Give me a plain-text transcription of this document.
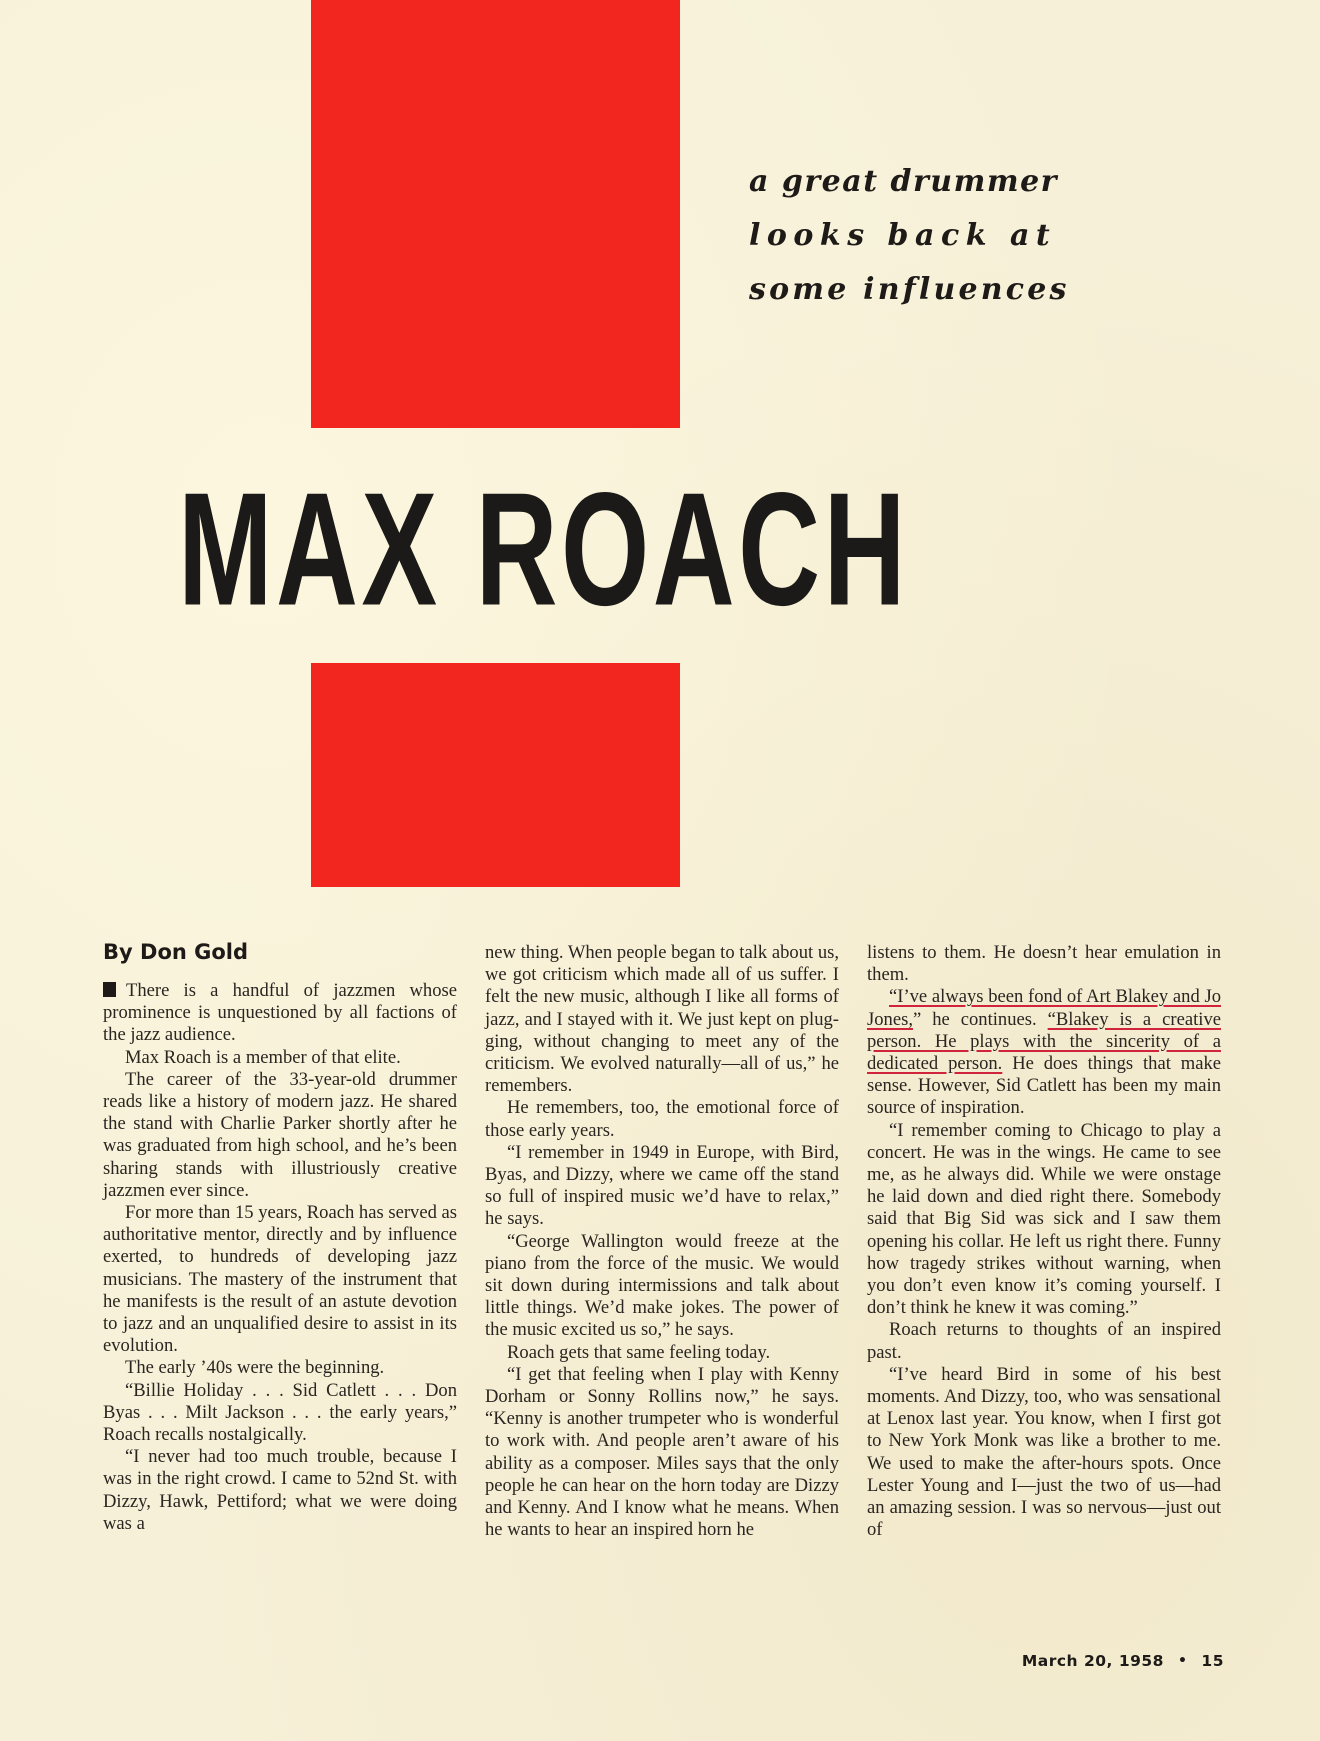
a great drummer
looks back at
some influences
MAX ROACH
By Don Gold

There is a handful of jazzmen whose prominence is unquestioned by all factions of the jazz audience.

Max Roach is a member of that elite.

The career of the 33-year-old drummer reads like a history of modern jazz. He shared the stand with Charlie Parker shortly after he was graduated from high school, and he’s been sharing stands with illustriously creative jazzmen ever since.

For more than 15 years, Roach has served as authoritative mentor, directly and by influence exerted, to hundreds of developing jazz musicians. The mastery of the instrument that he manifests is the result of an astute devotion to jazz and an unqualified desire to assist in its evolution.

The early ’40s were the beginning.

“Billie Holiday . . . Sid Catlett . . . Don Byas . . . Milt Jackson . . . the early years,” Roach recalls nostalgically.

“I never had too much trouble, because I was in the right crowd. I came to 52nd St. with Dizzy, Hawk, Pettiford; what we were doing was a

new thing. When people began to talk about us, we got criticism which made all of us suffer. I felt the new music, although I like all forms of jazz, and I stayed with it. We just kept on plugging, without changing to meet any of the criticism. We evolved naturally—all of us,” he remembers.

He remembers, too, the emotional force of those early years.

“I remember in 1949 in Europe, with Bird, Byas, and Dizzy, where we came off the stand so full of inspired music we’d have to relax,” he says.

“George Wallington would freeze at the piano from the force of the music. We would sit down during intermissions and talk about little things. We’d make jokes. The power of the music excited us so,” he says.

Roach gets that same feeling today.

“I get that feeling when I play with Kenny Dorham or Sonny Rollins now,” he says. “Kenny is another trumpeter who is wonderful to work with. And people aren’t aware of his ability as a composer. Miles says that the only people he can hear on the horn today are Dizzy and Kenny. And I know what he means. When he wants to hear an inspired horn he

listens to them. He doesn’t hear emulation in them.

“I’ve always been fond of Art Blakey and Jo Jones,” he continues. “Blakey is a creative person. He plays with the sincerity of a dedicated person. He does things that make sense. However, Sid Catlett has been my main source of inspiration.

“I remember coming to Chicago to play a concert. He was in the wings. He came to see me, as he always did. While we were onstage he laid down and died right there. Somebody said that Big Sid was sick and I saw them opening his collar. He left us right there. Funny how tragedy strikes without warning, when you don’t even know it’s coming yourself. I don’t think he knew it was coming.”

Roach returns to thoughts of an inspired past.

“I’ve heard Bird in some of his best moments. And Dizzy, too, who was sensational at Lenox last year. You know, when I first got to New York Monk was like a brother to me. We used to make the after-hours spots. Once Lester Young and I—just the two of us—had an amazing session. I was so nervous—just out of

March 20, 1958 • 15
